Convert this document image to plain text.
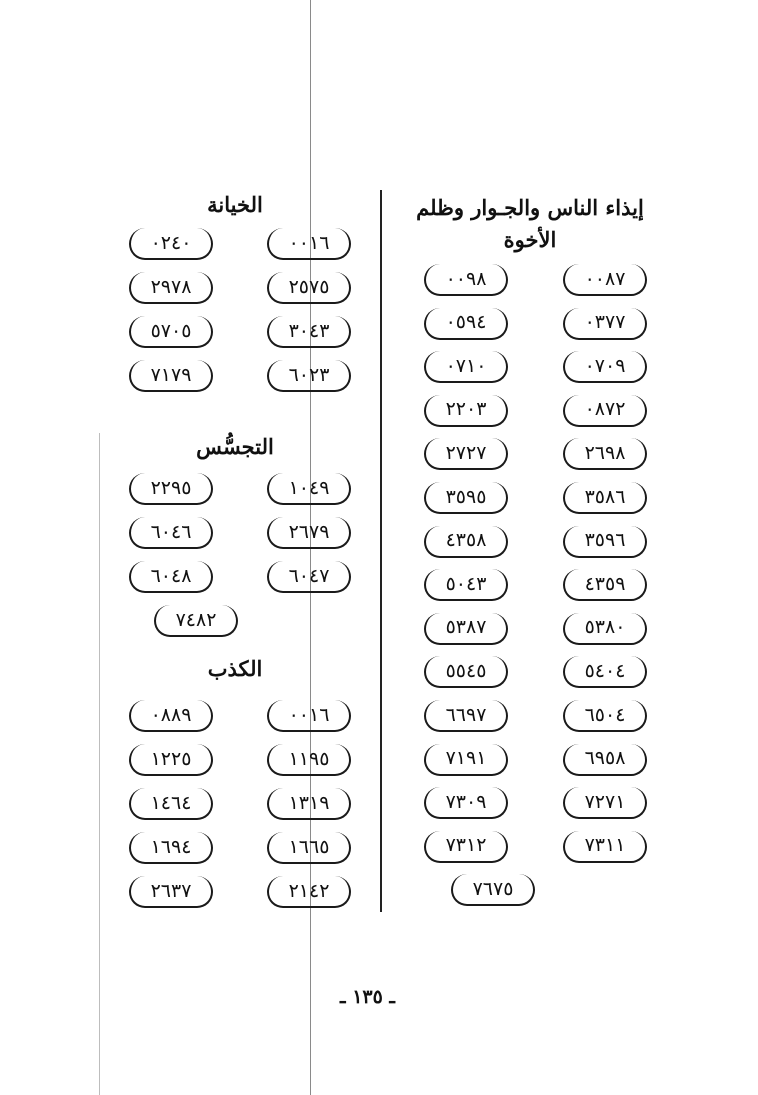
إيذاء الناس والجـوار وظلم
الأخوة
٠٠٨٧
٠٠٩٨
٠٣٧٧
٠٥٩٤
٠٧٠٩
٠٧١٠
٠٨٧٢
٢٢٠٣
٢٦٩٨
٢٧٢٧
٣٥٨٦
٣٥٩٥
٣٥٩٦
٤٣٥٨
٤٣٥٩
٥٠٤٣
٥٣٨٠
٥٣٨٧
٥٤٠٤
٥٥٤٥
٦٥٠٤
٦٦٩٧
٦٩٥٨
٧١٩١
٧٢٧١
٧٣٠٩
٧٣١١
٧٣١٢
٧٦٧٥
الخيانة
٠٠١٦
٠٢٤٠
٢٥٧٥
٢٩٧٨
٣٠٤٣
٥٧٠٥
٦٠٢٣
٧١٧٩
التجسُّس
١٠٤٩
٢٢٩٥
٢٦٧٩
٦٠٤٦
٦٠٤٧
٦٠٤٨
٧٤٨٢
الكذب
٠٠١٦
٠٨٨٩
١١٩٥
١٢٢٥
١٣١٩
١٤٦٤
١٦٦٥
١٦٩٤
٢١٤٢
٢٦٣٧
ـ ١٣٥ ـ
